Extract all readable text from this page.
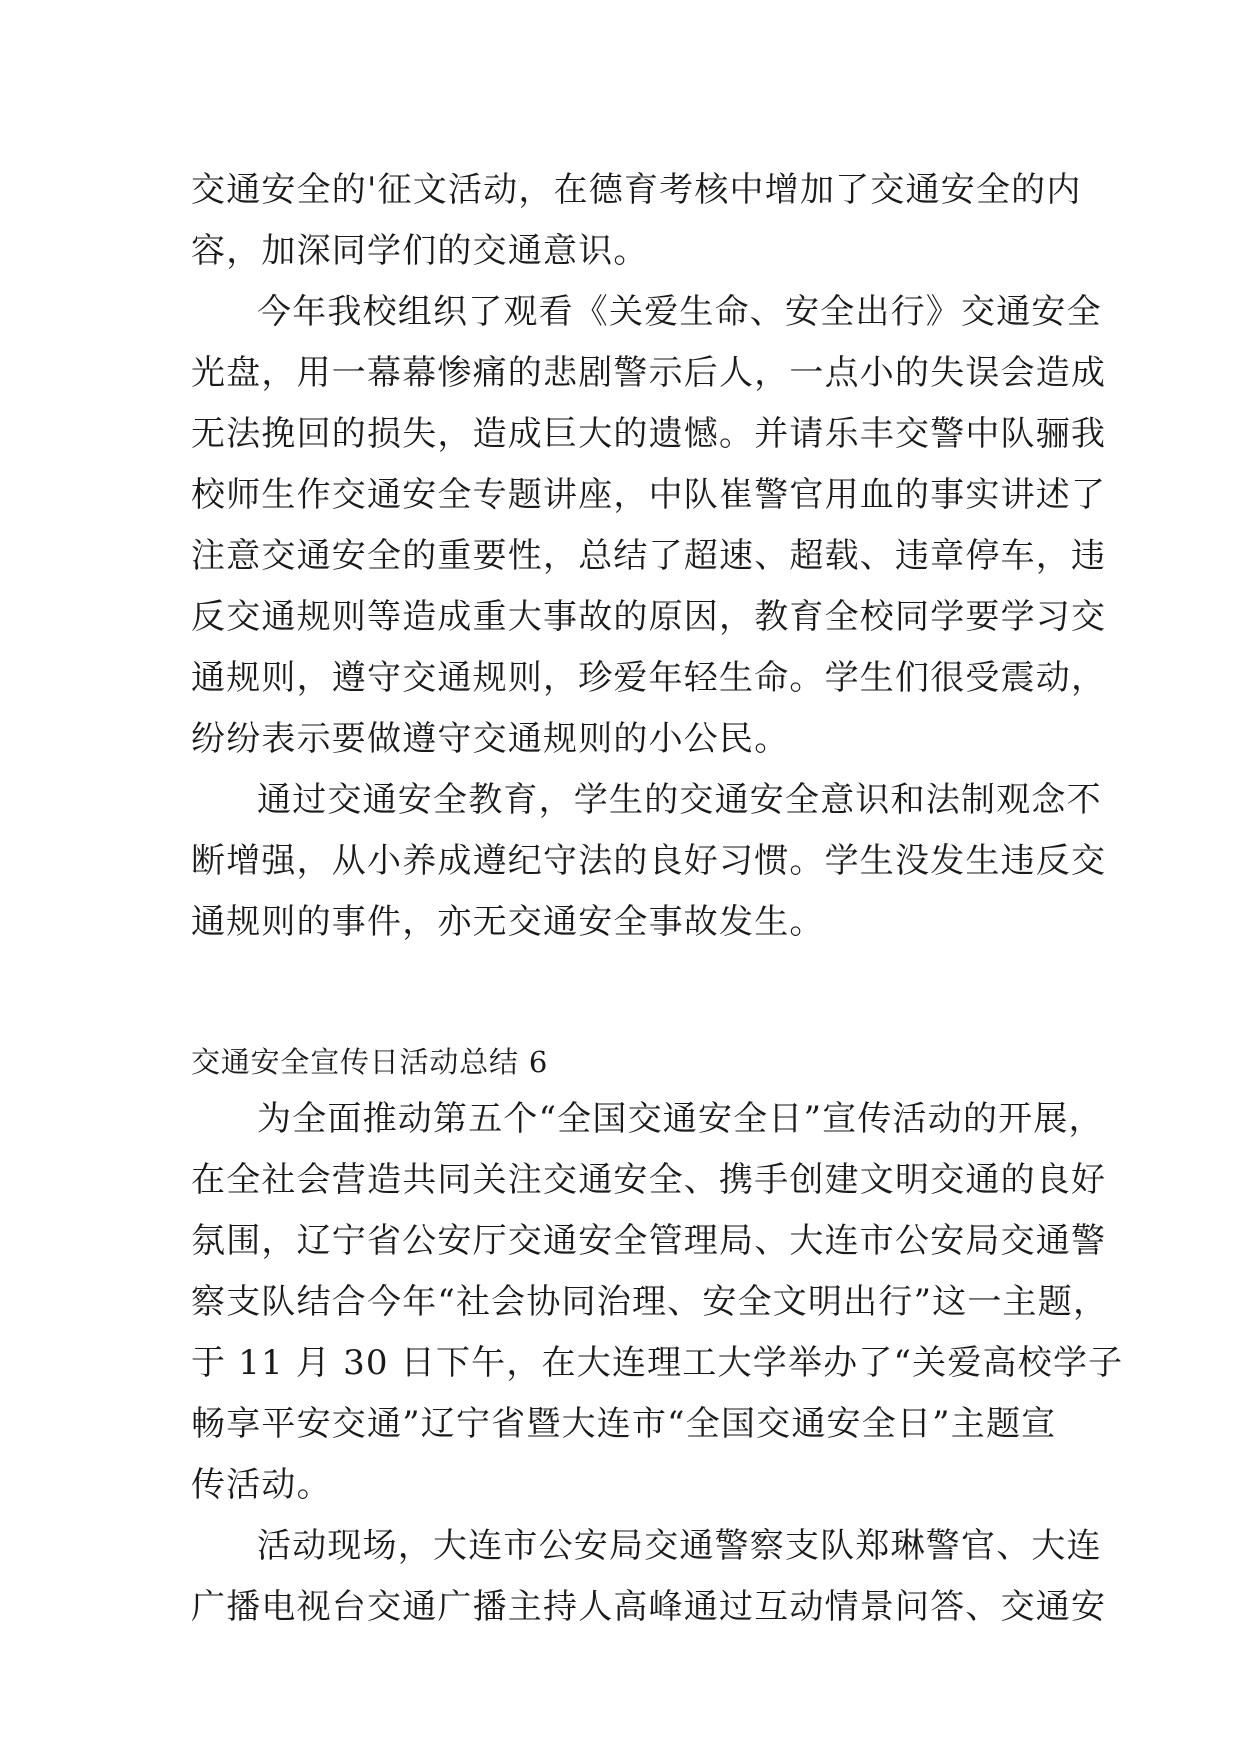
交通安全的'征文活动，在德育考核中增加了交通安全的内
容，加深同学们的交通意识。
今年我校组织了观看《关爱生命、安全出行》交通安全
光盘，用一幕幕惨痛的悲剧警示后人，一点小的失误会造成
无法挽回的损失，造成巨大的遗憾。并请乐丰交警中队骊我
校师生作交通安全专题讲座，中队崔警官用血的事实讲述了
注意交通安全的重要性，总结了超速、超载、违章停车，违
反交通规则等造成重大事故的原因，教育全校同学要学习交
通规则，遵守交通规则，珍爱年轻生命。学生们很受震动，
纷纷表示要做遵守交通规则的小公民。
通过交通安全教育，学生的交通安全意识和法制观念不
断增强，从小养成遵纪守法的良好习惯。学生没发生违反交
通规则的事件，亦无交通安全事故发生。
交通安全宣传日活动总结 6
为全面推动第五个“全国交通安全日”宣传活动的开展，
在全社会营造共同关注交通安全、携手创建文明交通的良好
氛围，辽宁省公安厅交通安全管理局、大连市公安局交通警
察支队结合今年“社会协同治理、安全文明出行”这一主题，
于 11 月 30 日下午，在大连理工大学举办了“关爱高校学子
畅享平安交通”辽宁省暨大连市“全国交通安全日”主题宣
传活动。
活动现场，大连市公安局交通警察支队郑琳警官、大连
广播电视台交通广播主持人高峰通过互动情景问答、交通安
